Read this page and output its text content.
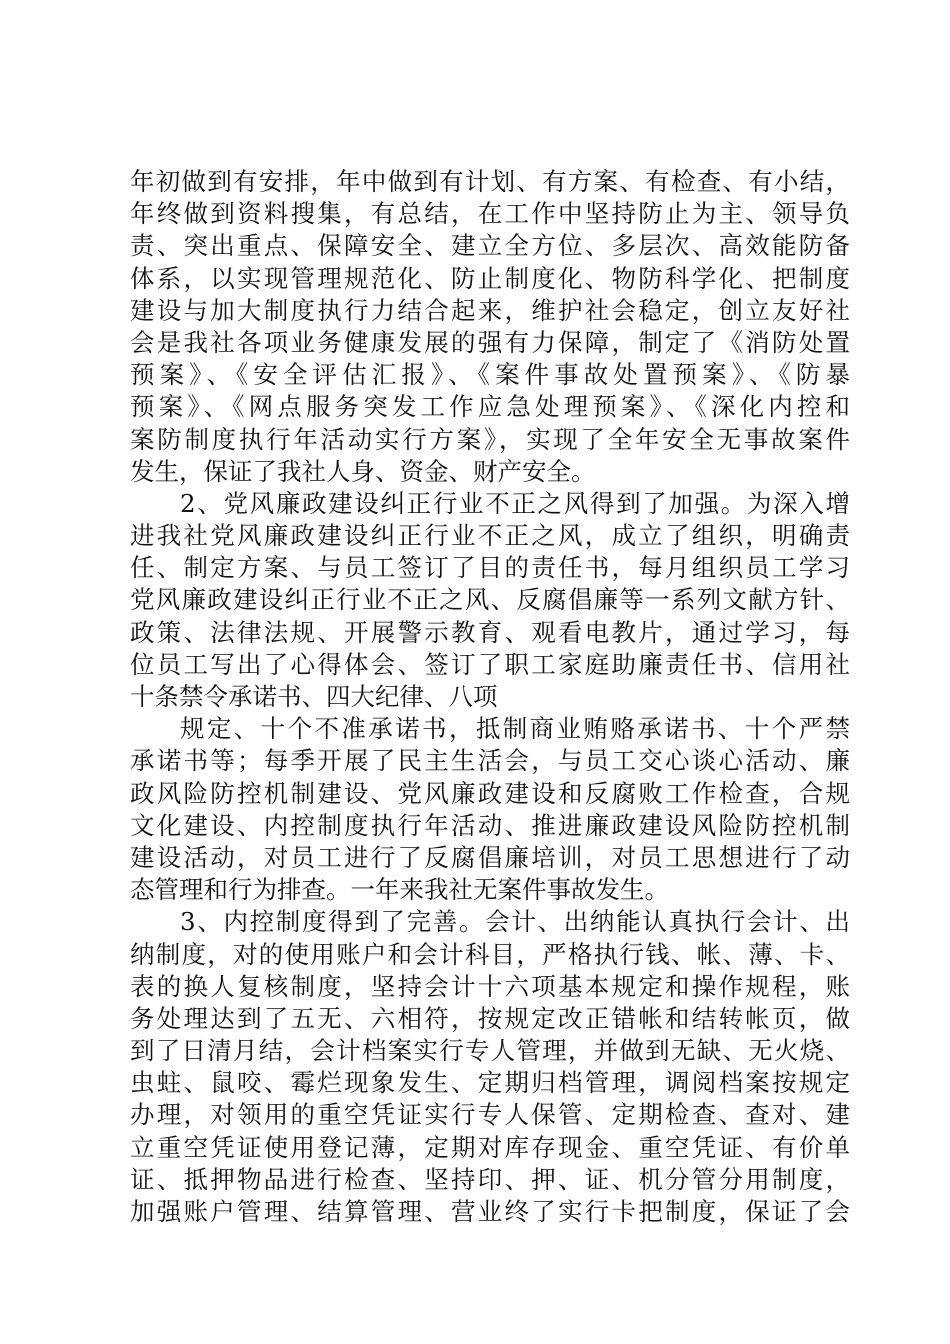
年初做到有安排，年中做到有计划、有方案、有检查、有小结，
年终做到资料搜集，有总结，在工作中坚持防止为主、领导负
责、突出重点、保障安全、建立全方位、多层次、高效能防备
体系，以实现管理规范化、防止制度化、物防科学化、把制度
建设与加大制度执行力结合起来，维护社会稳定，创立友好社
会是我社各项业务健康发展的强有力保障，制定了《消防处置
预案》、《安全评估汇报》、《案件事故处置预案》、《防暴
预案》、《网点服务突发工作应急处理预案》、《深化内控和
案防制度执行年活动实行方案》，实现了全年安全无事故案件
发生，保证了我社人身、资金、财产安全。
2、党风廉政建设纠正行业不正之风得到了加强。为深入增
进我社党风廉政建设纠正行业不正之风，成立了组织，明确责
任、制定方案、与员工签订了目的责任书，每月组织员工学习
党风廉政建设纠正行业不正之风、反腐倡廉等一系列文献方针、
政策、法律法规、开展警示教育、观看电教片，通过学习，每
位员工写出了心得体会、签订了职工家庭助廉责任书、信用社
十条禁令承诺书、四大纪律、八项
规定、十个不准承诺书，抵制商业贿赂承诺书、十个严禁
承诺书等；每季开展了民主生活会，与员工交心谈心活动、廉
政风险防控机制建设、党风廉政建设和反腐败工作检查，合规
文化建设、内控制度执行年活动、推进廉政建设风险防控机制
建设活动，对员工进行了反腐倡廉培训，对员工思想进行了动
态管理和行为排查。一年来我社无案件事故发生。
3、内控制度得到了完善。会计、出纳能认真执行会计、出
纳制度，对的使用账户和会计科目，严格执行钱、帐、薄、卡、
表的换人复核制度，坚持会计十六项基本规定和操作规程，账
务处理达到了五无、六相符，按规定改正错帐和结转帐页，做
到了日清月结，会计档案实行专人管理，并做到无缺、无火烧、
虫蛀、鼠咬、霉烂现象发生、定期归档管理，调阅档案按规定
办理，对领用的重空凭证实行专人保管、定期检查、查对、建
立重空凭证使用登记薄，定期对库存现金、重空凭证、有价单
证、抵押物品进行检查、坚持印、押、证、机分管分用制度，
加强账户管理、结算管理、营业终了实行卡把制度，保证了会
